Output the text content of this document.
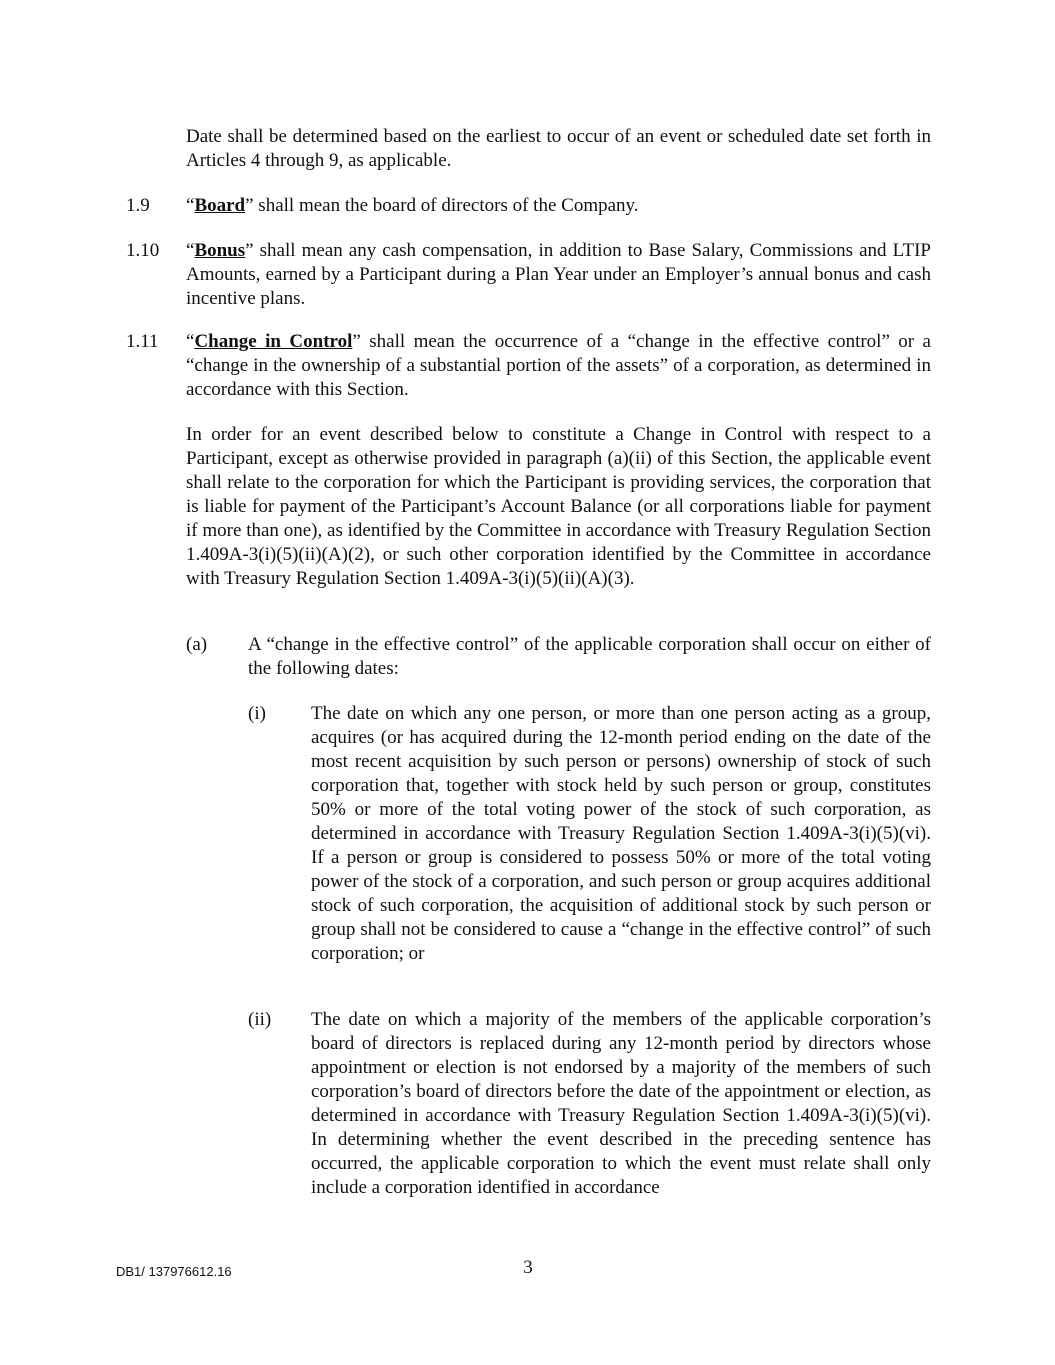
Date shall be determined based on the earliest to occur of an event or scheduled date set forth in Articles 4 through 9, as applicable.

1.9 “Board” shall mean the board of directors of the Company.

1.10 “Bonus” shall mean any cash compensation, in addition to Base Salary, Commissions and LTIP Amounts, earned by a Participant during a Plan Year under an Employer’s annual bonus and cash incentive plans.

1.11 “Change in Control” shall mean the occurrence of a “change in the effective control” or a “change in the ownership of a substantial portion of the assets” of a corporation, as determined in accordance with this Section.

In order for an event described below to constitute a Change in Control with respect to a Participant, except as otherwise provided in paragraph (a)(ii) of this Section, the applicable event shall relate to the corporation for which the Participant is providing services, the corporation that is liable for payment of the Participant’s Account Balance (or all corporations liable for payment if more than one), as identified by the Committee in accordance with Treasury Regulation Section 1.409A-3(i)(5)(ii)(A)(2), or such other corporation identified by the Committee in accordance with Treasury Regulation Section 1.409A-3(i)(5)(ii)(A)(3).

(a) A “change in the effective control” of the applicable corporation shall occur on either of the following dates:

(i) The date on which any one person, or more than one person acting as a group, acquires (or has acquired during the 12-month period ending on the date of the most recent acquisition by such person or persons) ownership of stock of such corporation that, together with stock held by such person or group, constitutes 50% or more of the total voting power of the stock of such corporation, as determined in accordance with Treasury Regulation Section 1.409A-3(i)(5)(vi). If a person or group is considered to possess 50% or more of the total voting power of the stock of a corporation, and such person or group acquires additional stock of such corporation, the acquisition of additional stock by such person or group shall not be considered to cause a “change in the effective control” of such corporation; or

(ii) The date on which a majority of the members of the applicable corporation’s board of directors is replaced during any 12-month period by directors whose appointment or election is not endorsed by a majority of the members of such corporation’s board of directors before the date of the appointment or election, as determined in accordance with Treasury Regulation Section 1.409A-3(i)(5)(vi). In determining whether the event described in the preceding sentence has occurred, the applicable corporation to which the event must relate shall only include a corporation identified in accordance

DB1/ 137976612.16	3
